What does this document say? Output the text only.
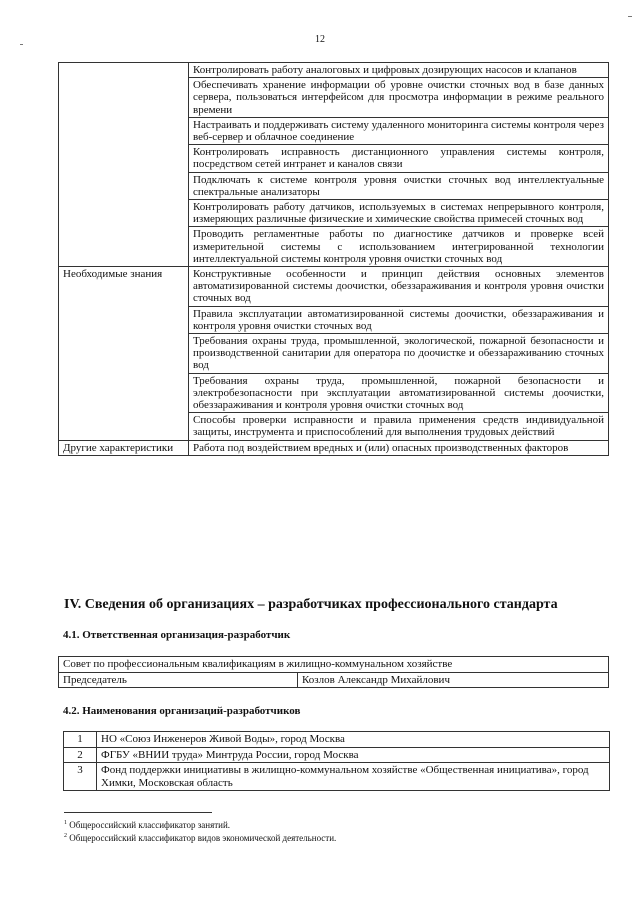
12
	Контролировать работу аналоговых и цифровых дозирующих насосов и клапанов
	Обеспечивать хранение информации об уровне очистки сточных вод в базе данных сервера, пользоваться интерфейсом для просмотра информации в режиме реального времени
	Настраивать и поддерживать систему удаленного мониторинга системы контроля через веб-сервер и облачное соединение
	Контролировать исправность дистанционного управления системы контроля, посредством сетей интранет и каналов связи
	Подключать к системе контроля уровня очистки сточных вод интеллектуальные спектральные анализаторы
	Контролировать работу датчиков, используемых в системах непрерывного контроля, измеряющих различные физические и химические свойства примесей сточных вод
	Проводить регламентные работы по диагностике датчиков и проверке всей измерительной системы с использованием интегрированной технологии интеллектуальной системы контроля уровня очистки сточных вод
Необходимые знания	Конструктивные особенности и принцип действия основных элементов автоматизированной системы доочистки, обеззараживания и контроля уровня очистки сточных вод
	Правила эксплуатации автоматизированной системы доочистки, обеззараживания и контроля уровня очистки сточных вод
	Требования охраны труда, промышленной, экологической, пожарной безопасности и производственной санитарии для оператора по доочистке и обеззараживанию сточных вод
	Требования охраны труда, промышленной, пожарной безопасности и электробезопасности при эксплуатации автоматизированной системы доочистки, обеззараживания и контроля уровня очистки сточных вод
	Способы проверки исправности и правила применения средств индивидуальной защиты, инструмента и приспособлений для выполнения трудовых действий
Другие характеристики	Работа под воздействием вредных и (или) опасных производственных факторов
IV. Сведения об организациях – разработчиках профессионального стандарта
4.1. Ответственная организация-разработчик
Совет по профессиональным квалификациям в жилищно-коммунальном хозяйстве
Председатель	Козлов Александр Михайлович
4.2. Наименования организаций-разработчиков
1	НО «Союз Инженеров Живой Воды», город Москва
2	ФГБУ «ВНИИ труда» Минтруда России, город Москва
3	Фонд поддержки инициативы в жилищно-коммунальном хозяйстве «Общественная инициатива», город Химки, Московская область
$^1$ Общероссийский классификатор занятий.
$^2$ Общероссийский классификатор видов экономической деятельности.
